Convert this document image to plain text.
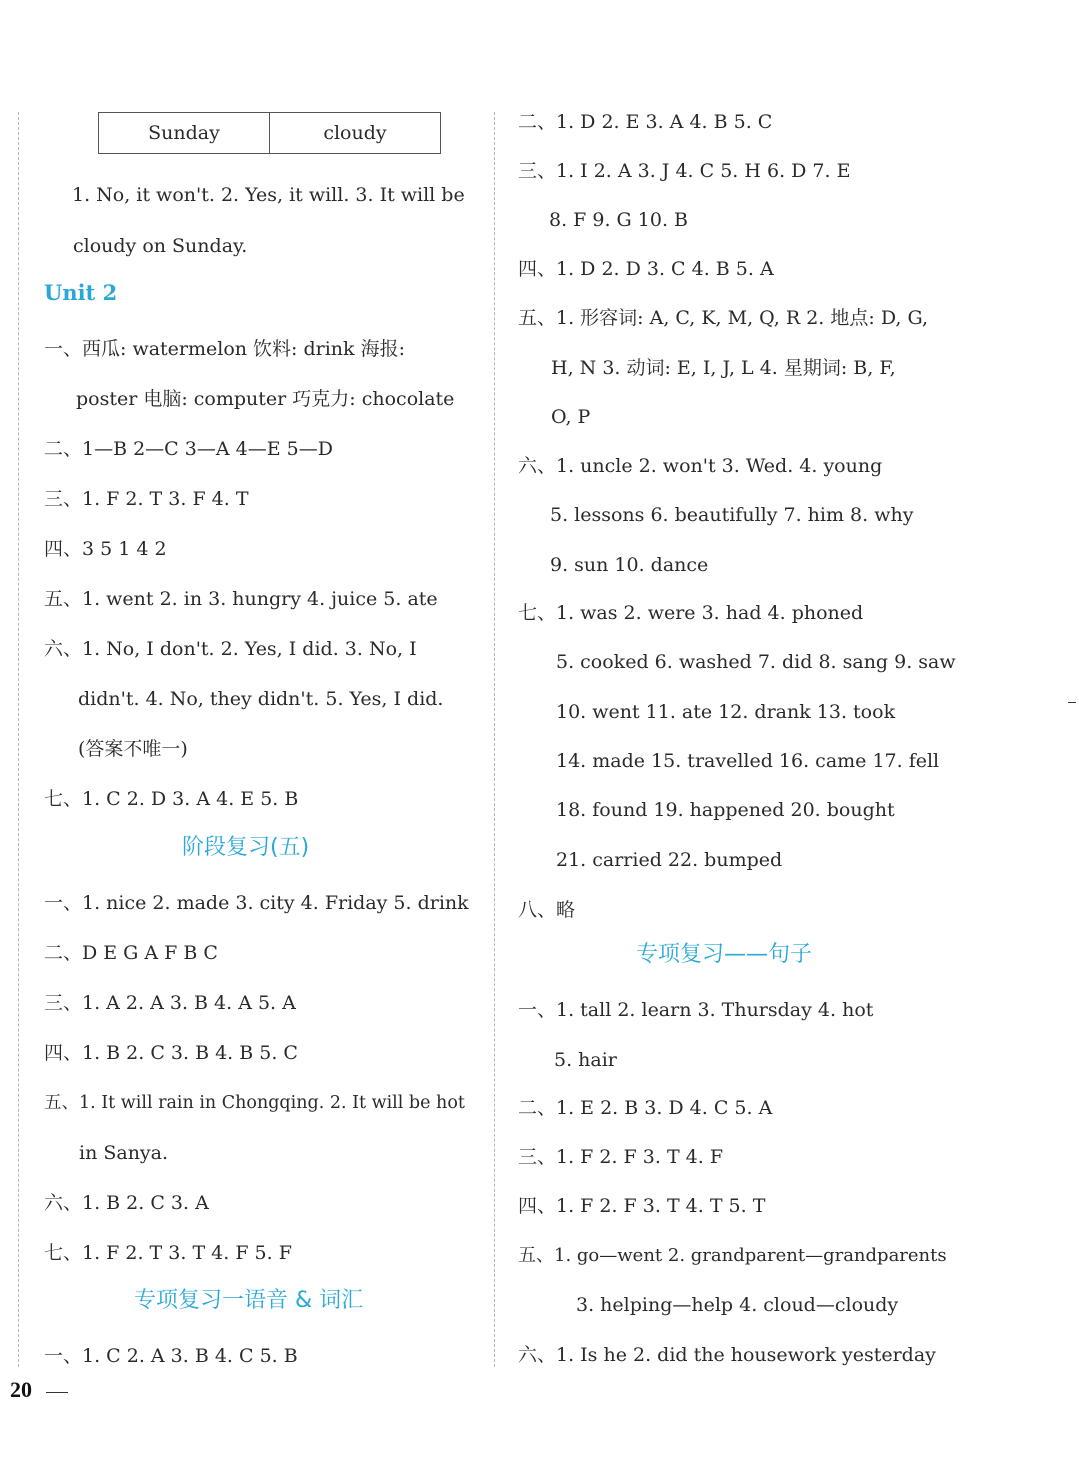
Sunday	cloudy
1. No, it won't. 2. Yes, it will. 3. It will be
cloudy on Sunday.
Unit 2
一、西瓜: watermelon 饮料: drink 海报:
poster 电脑: computer 巧克力: chocolate
二、1—B 2—C 3—A 4—E 5—D
三、1. F 2. T 3. F 4. T
四、3 5 1 4 2
五、1. went 2. in 3. hungry 4. juice 5. ate
六、1. No, I don't. 2. Yes, I did. 3. No, I
didn't. 4. No, they didn't. 5. Yes, I did.
(答案不唯一)
七、1. C 2. D 3. A 4. E 5. B
阶段复习(五)
一、1. nice 2. made 3. city 4. Friday 5. drink
二、D E G A F B C
三、1. A 2. A 3. B 4. A 5. A
四、1. B 2. C 3. B 4. B 5. C
五、1. It will rain in Chongqing. 2. It will be hot
in Sanya.
六、1. B 2. C 3. A
七、1. F 2. T 3. T 4. F 5. F
专项复习一语音 & 词汇
一、1. C 2. A 3. B 4. C 5. B
二、1. D 2. E 3. A 4. B 5. C
三、1. I 2. A 3. J 4. C 5. H 6. D 7. E
8. F 9. G 10. B
四、1. D 2. D 3. C 4. B 5. A
五、1. 形容词: A, C, K, M, Q, R 2. 地点: D, G,
H, N 3. 动词: E, I, J, L 4. 星期词: B, F,
O, P
六、1. uncle 2. won't 3. Wed. 4. young
5. lessons 6. beautifully 7. him 8. why
9. sun 10. dance
七、1. was 2. were 3. had 4. phoned
5. cooked 6. washed 7. did 8. sang 9. saw
10. went 11. ate 12. drank 13. took
14. made 15. travelled 16. came 17. fell
18. found 19. happened 20. bought
21. carried 22. bumped
八、略
专项复习——句子
一、1. tall 2. learn 3. Thursday 4. hot
5. hair
二、1. E 2. B 3. D 4. C 5. A
三、1. F 2. F 3. T 4. F
四、1. F 2. F 3. T 4. T 5. T
五、1. go—went 2. grandparent—grandparents
3. helping—help 4. cloud—cloudy
六、1. Is he 2. did the housework yesterday
20
